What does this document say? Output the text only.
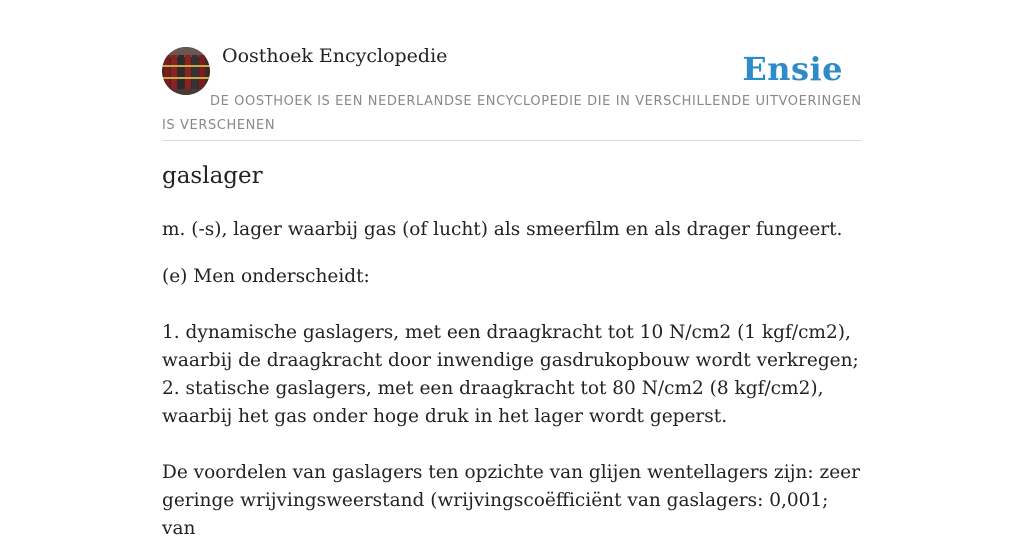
Oosthoek Encyclopedie	Ensie
DE OOSTHOEK IS EEN NEDERLANDSE ENCYCLOPEDIE DIE IN VERSCHILLENDE UITVOERINGEN IS VERSCHENEN
gaslager

m. (-s), lager waarbij gas (of lucht) als smeerfilm en als drager fungeert.

(e) Men onderscheidt:
1. dynamische gaslagers, met een draagkracht tot 10 N/cm2 (1 kgf/cm2), waarbij de draagkracht door inwendige gasdrukopbouw wordt verkregen;
2. statische gaslagers, met een draagkracht tot 80 N/cm2 (8 kgf/cm2), waarbij het gas onder hoge druk in het lager wordt geperst.
De voordelen van gaslagers ten opzichte van glijen wentellagers zijn: zeer geringe wrijvingsweerstand (wrijvingscoëfficiënt van gaslagers: 0,001; van
